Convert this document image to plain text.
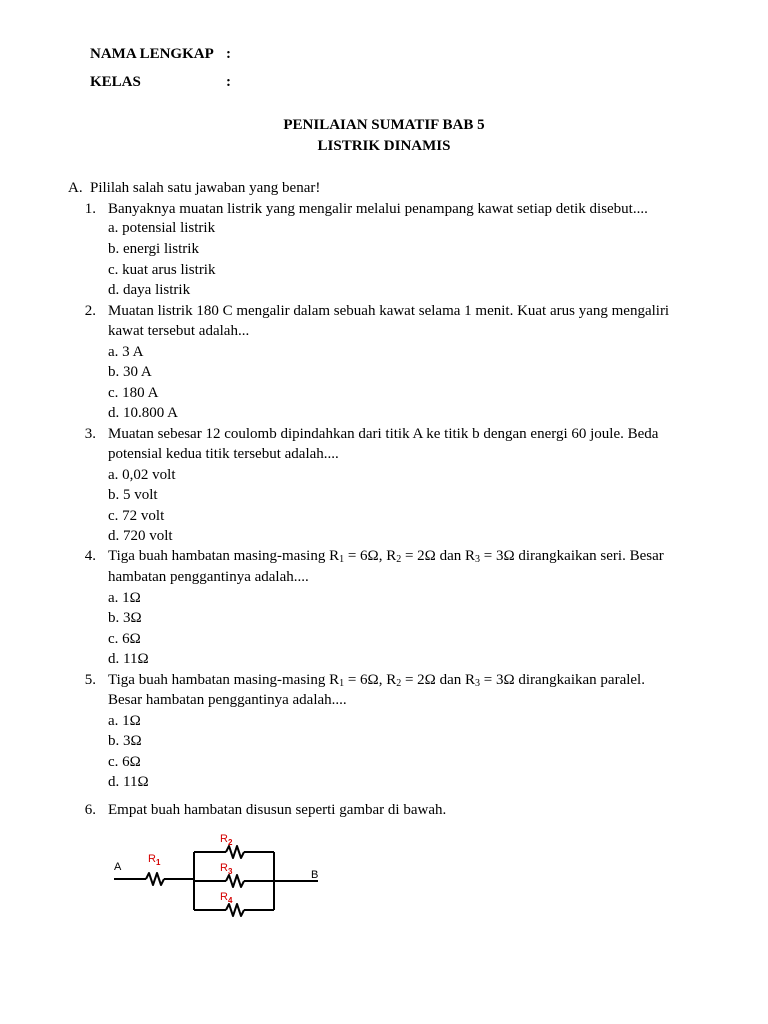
NAMA LENGKAP :
KELAS	:
PENILAIAN SUMATIF BAB 5
LISTRIK DINAMIS
A. Pililah salah satu jawaban yang benar!
1. Banyaknya muatan listrik yang mengalir melalui penampang kawat setiap detik disebut....
a. potensial listrik
b. energi listrik
c. kuat arus listrik
d. daya listrik
2. Muatan listrik 180 C mengalir dalam sebuah kawat selama 1 menit. Kuat arus yang mengaliri
kawat tersebut adalah...
a. 3 A
b. 30 A
c. 180 A
d. 10.800 A
3. Muatan sebesar 12 coulomb dipindahkan dari titik A ke titik b dengan energi 60 joule. Beda
potensial kedua titik tersebut adalah....
a. 0,02 volt
b. 5 volt
c. 72 volt
d. 720 volt
4. Tiga buah hambatan masing-masing $R_1 = 6\Omega$, $R_2 = 2\Omega$ dan $R_3 = 3\Omega$ dirangkaikan seri. Besar
hambatan penggantinya adalah....
a. 1Ω
b. 3Ω
c. 6Ω
d. 11Ω
5. Tiga buah hambatan masing-masing $R_1 = 6\Omega$, $R_2 = 2\Omega$ dan $R_3 = 3\Omega$ dirangkaikan paralel.
Besar hambatan penggantinya adalah....
a. 1Ω
b. 3Ω
c. 6Ω
d. 11Ω
6. Empat buah hambatan disusun seperti gambar di bawah.
A
B
$R_1$
$R_2$
$R_3$
$R_4$
